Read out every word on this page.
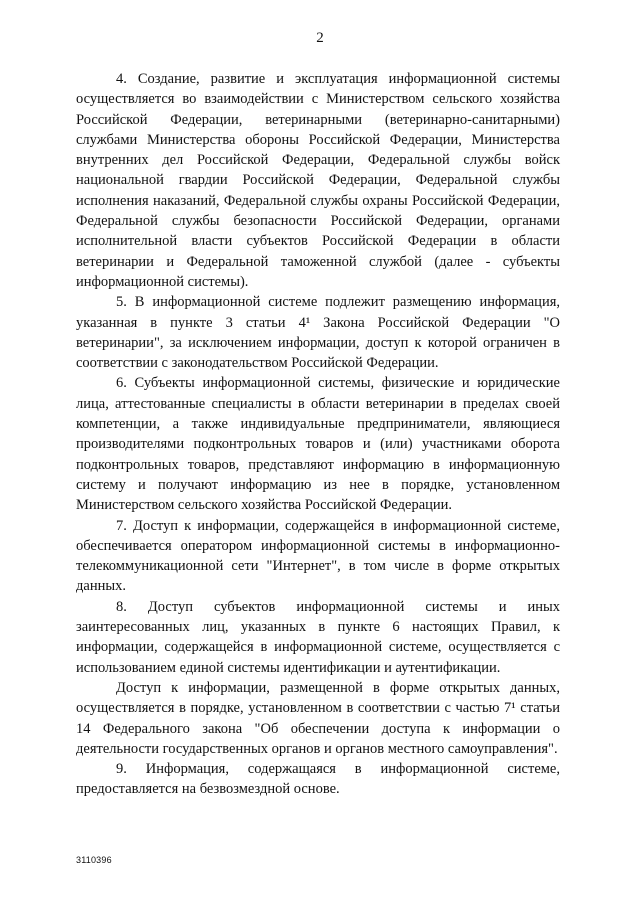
2

4. Создание, развитие и эксплуатация информационной системы осуществляется во взаимодействии с Министерством сельского хозяйства Российской Федерации, ветеринарными (ветеринарно-санитарными) службами Министерства обороны Российской Федерации, Министерства внутренних дел Российской Федерации, Федеральной службы войск национальной гвардии Российской Федерации, Федеральной службы исполнения наказаний, Федеральной службы охраны Российской Федерации, Федеральной службы безопасности Российской Федерации, органами исполнительной власти субъектов Российской Федерации в области ветеринарии и Федеральной таможенной службой (далее - субъекты информационной системы).

5. В информационной системе подлежит размещению информация, указанная в пункте 3 статьи 4¹ Закона Российской Федерации "О ветеринарии", за исключением информации, доступ к которой ограничен в соответствии с законодательством Российской Федерации.

6. Субъекты информационной системы, физические и юридические лица, аттестованные специалисты в области ветеринарии в пределах своей компетенции, а также индивидуальные предприниматели, являющиеся производителями подконтрольных товаров и (или) участниками оборота подконтрольных товаров, представляют информацию в информационную систему и получают информацию из нее в порядке, установленном Министерством сельского хозяйства Российской Федерации.

7. Доступ к информации, содержащейся в информационной системе, обеспечивается оператором информационной системы в информационно-телекоммуникационной сети "Интернет", в том числе в форме открытых данных.

8. Доступ субъектов информационной системы и иных заинтересованных лиц, указанных в пункте 6 настоящих Правил, к информации, содержащейся в информационной системе, осуществляется с использованием единой системы идентификации и аутентификации.

Доступ к информации, размещенной в форме открытых данных, осуществляется в порядке, установленном в соответствии с частью 7¹ статьи 14 Федерального закона "Об обеспечении доступа к информации о деятельности государственных органов и органов местного самоуправления".

9. Информация, содержащаяся в информационной системе, предоставляется на безвозмездной основе.

3110396
